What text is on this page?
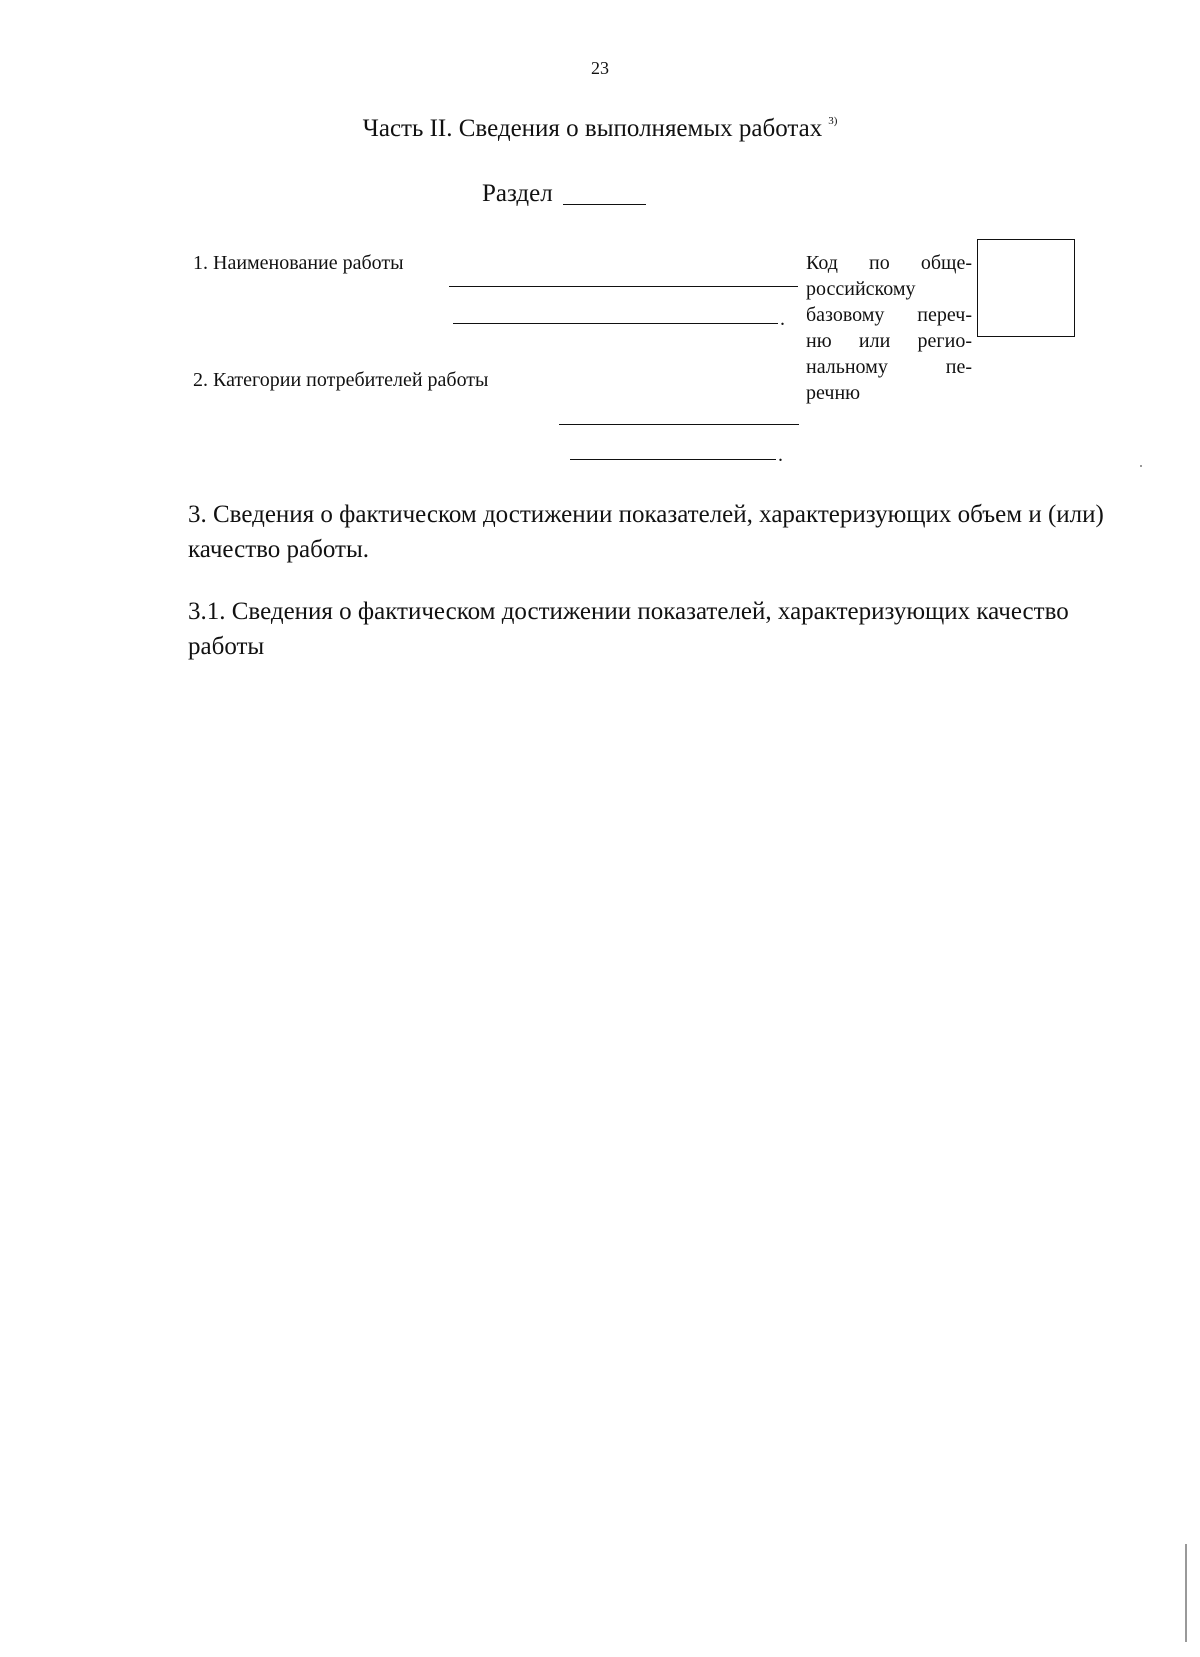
23
Часть II. Сведения о выполняемых работах $^{3)}$
Раздел
1. Наименование работы
.
2. Категории потребителей работы
.
Код по обще-
российскому
базовому переч-
ню или регио-
нальному пе-
речню
3. Сведения о фактическом достижении показателей, характеризующих объем и (или) качество работы.
3.1. Сведения о фактическом достижении показателей, характеризующих качество работы
